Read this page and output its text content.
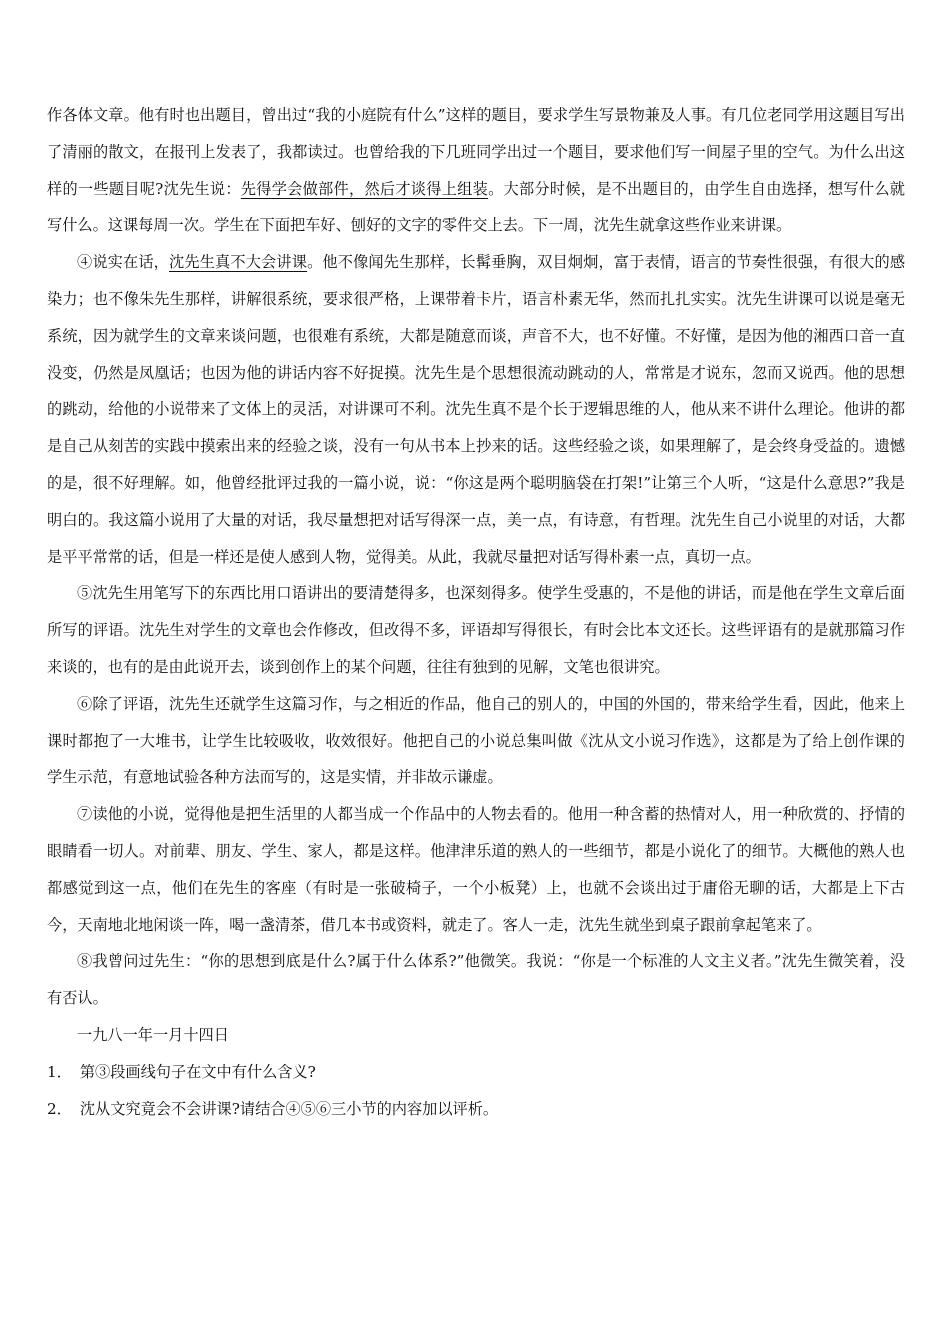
作各体文章。他有时也出题目，曾出过“我的小庭院有什么”这样的题目，要求学生写景物兼及人事。有几位老同学用这题目写出了清丽的散文，在报刊上发表了，我都读过。也曾给我的下几班同学出过一个题目，要求他们写一间屋子里的空气。为什么出这样的一些题目呢?沈先生说：先得学会做部件，然后才谈得上组装。大部分时候，是不出题目的，由学生自由选择，想写什么就写什么。这课每周一次。学生在下面把车好、刨好的文字的零件交上去。下一周，沈先生就拿这些作业来讲课。

④说实在话，沈先生真不大会讲课。他不像闻先生那样，长髯垂胸，双目炯炯，富于表情，语言的节奏性很强，有很大的感染力；也不像朱先生那样，讲解很系统，要求很严格，上课带着卡片，语言朴素无华，然而扎扎实实。沈先生讲课可以说是毫无系统，因为就学生的文章来谈问题，也很难有系统，大都是随意而谈，声音不大，也不好懂。不好懂，是因为他的湘西口音一直没变，仍然是凤凰话；也因为他的讲话内容不好捉摸。沈先生是个思想很流动跳动的人，常常是才说东，忽而又说西。他的思想的跳动，给他的小说带来了文体上的灵活，对讲课可不利。沈先生真不是个长于逻辑思维的人，他从来不讲什么理论。他讲的都是自己从刻苦的实践中摸索出来的经验之谈，没有一句从书本上抄来的话。这些经验之谈，如果理解了，是会终身受益的。遗憾的是，很不好理解。如，他曾经批评过我的一篇小说，说：“你这是两个聪明脑袋在打架!”让第三个人听，“这是什么意思?”我是明白的。我这篇小说用了大量的对话，我尽量想把对话写得深一点，美一点，有诗意，有哲理。沈先生自己小说里的对话，大都是平平常常的话，但是一样还是使人感到人物，觉得美。从此，我就尽量把对话写得朴素一点，真切一点。

⑤沈先生用笔写下的东西比用口语讲出的要清楚得多，也深刻得多。使学生受惠的，不是他的讲话，而是他在学生文章后面所写的评语。沈先生对学生的文章也会作修改，但改得不多，评语却写得很长，有时会比本文还长。这些评语有的是就那篇习作来谈的，也有的是由此说开去，谈到创作上的某个问题，往往有独到的见解，文笔也很讲究。

⑥除了评语，沈先生还就学生这篇习作，与之相近的作品，他自己的别人的，中国的外国的，带来给学生看，因此，他来上课时都抱了一大堆书，让学生比较吸收，收效很好。他把自己的小说总集叫做《沈从文小说习作选》，这都是为了给上创作课的学生示范，有意地试验各种方法而写的，这是实情，并非故示谦虚。

⑦读他的小说，觉得他是把生活里的人都当成一个作品中的人物去看的。他用一种含蓄的热情对人，用一种欣赏的、抒情的眼睛看一切人。对前辈、朋友、学生、家人，都是这样。他津津乐道的熟人的一些细节，都是小说化了的细节。大概他的熟人也都感觉到这一点，他们在先生的客座（有时是一张破椅子，一个小板凳）上，也就不会谈出过于庸俗无聊的话，大都是上下古今，天南地北地闲谈一阵，喝一盏清茶，借几本书或资料，就走了。客人一走，沈先生就坐到桌子跟前拿起笔来了。

⑧我曾问过先生：“你的思想到底是什么?属于什么体系?”他微笑。我说：“你是一个标准的人文主义者。”沈先生微笑着，没有否认。

一九八一年一月十四日

1． 第③段画线句子在文中有什么含义?

2． 沈从文究竟会不会讲课?请结合④⑤⑥三小节的内容加以评析。
